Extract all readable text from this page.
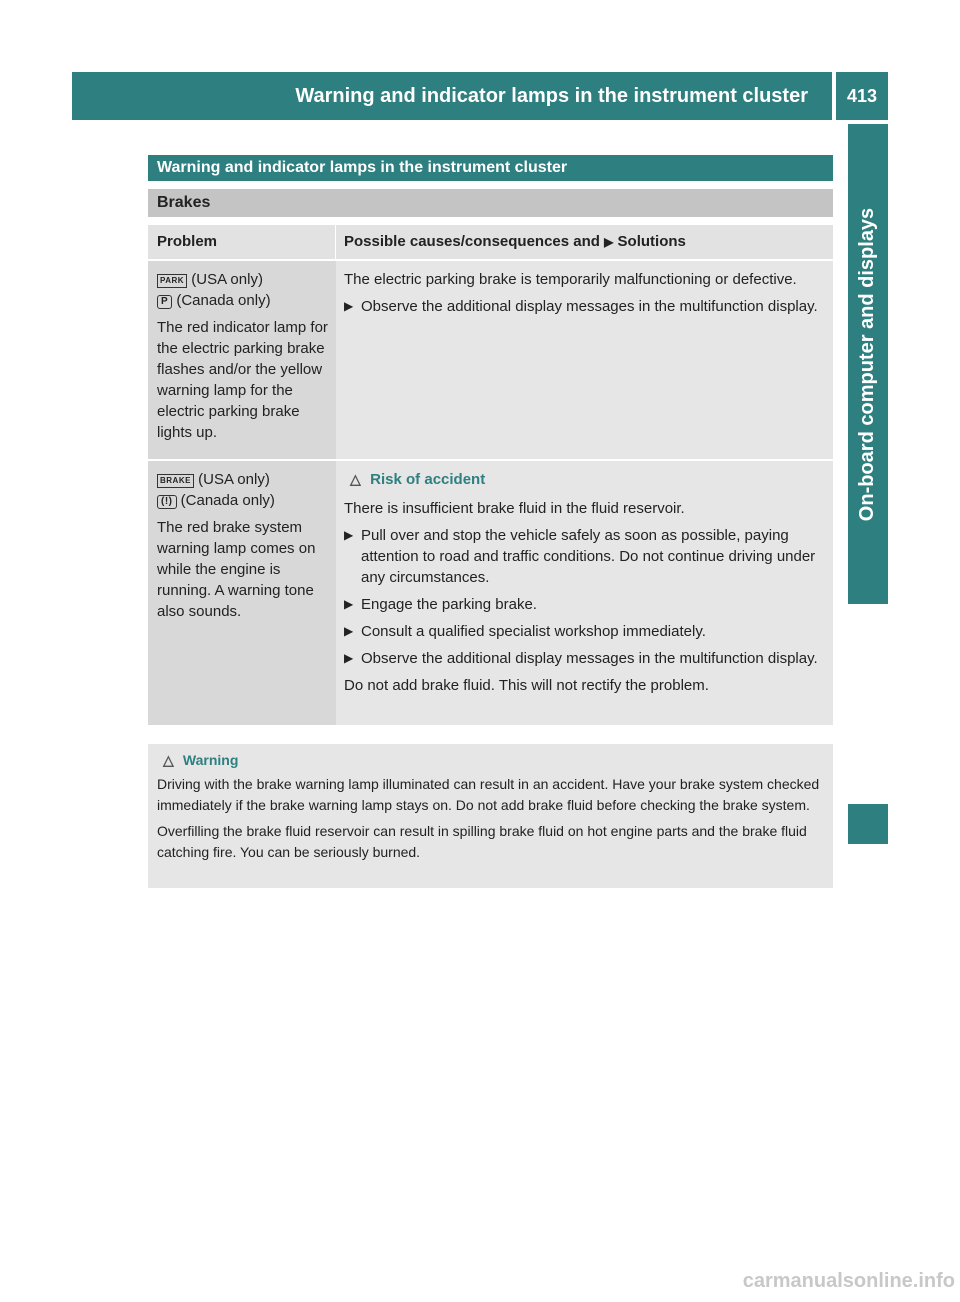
Warning and indicator lamps in the instrument cluster	413
On-board computer and displays
Warning and indicator lamps in the instrument cluster
Brakes
Problem	Possible causes/consequences and ▶ Solutions

PARK (USA only)

P (Canada only)

The red indicator lamp for the electric parking brake flashes and/or the yellow warning lamp for the electric parking brake lights up.

The electric parking brake is temporarily malfunctioning or defective.

▶ Observe the additional display messages in the multifunction display.

BRAKE (USA only)

(!) (Canada only)

The red brake system warning lamp comes on while the engine is running. A warning tone also sounds.

△ Risk of accident

There is insufficient brake fluid in the fluid reservoir.

▶ Pull over and stop the vehicle safely as soon as possible, paying attention to road and traffic conditions. Do not continue driving under any circumstances.
▶ Engage the parking brake.
▶ Consult a qualified specialist workshop immediately.
▶ Observe the additional display messages in the multifunction display.

Do not add brake fluid. This will not rectify the problem.

△ Warning

Driving with the brake warning lamp illuminated can result in an accident. Have your brake system checked immediately if the brake warning lamp stays on. Do not add brake fluid before checking the brake system.

Overfilling the brake fluid reservoir can result in spilling brake fluid on hot engine parts and the brake fluid catching fire. You can be seriously burned.

carmanualsonline.info
